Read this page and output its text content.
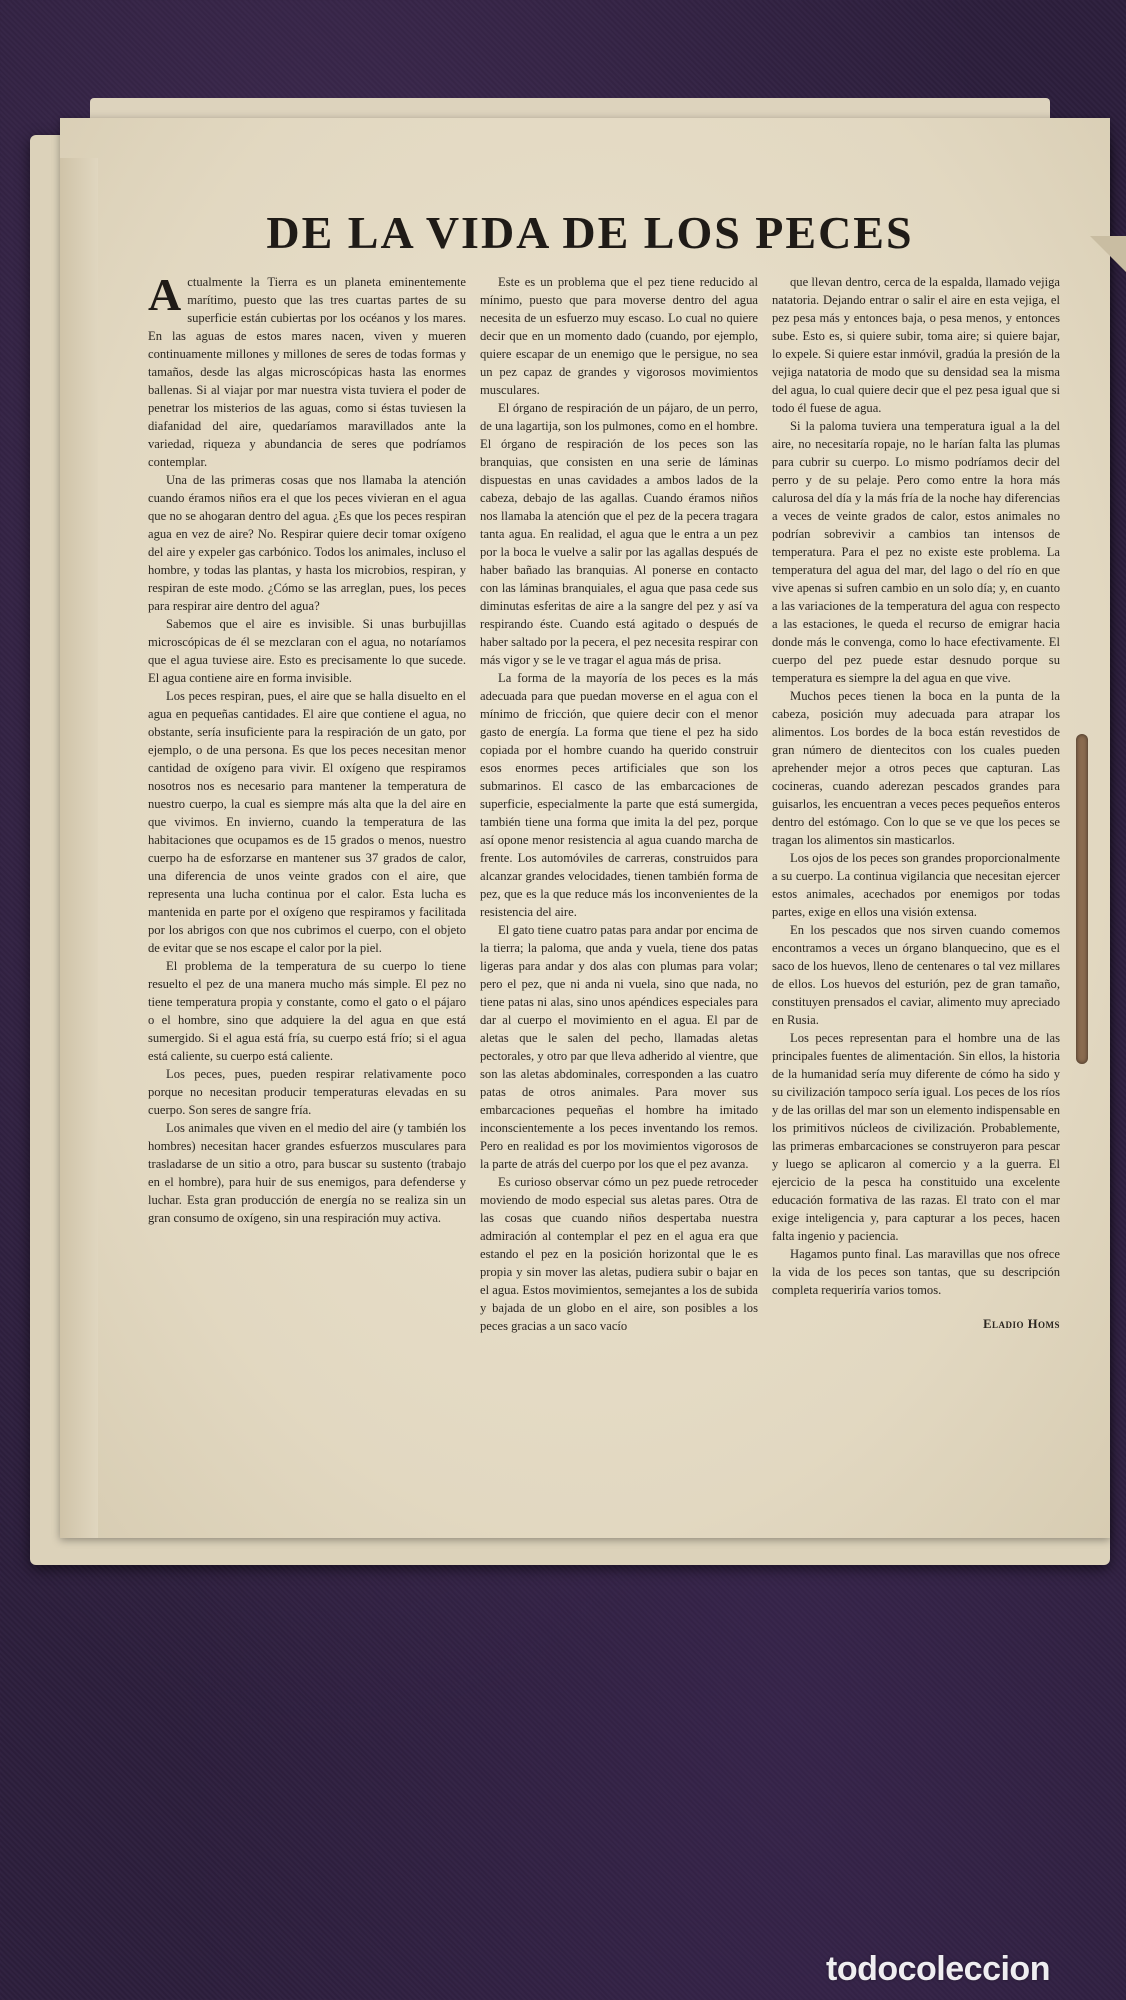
DE LA VIDA DE LOS PECES

Actualmente la Tierra es un planeta eminentemente marítimo, puesto que las tres cuartas partes de su superficie están cubiertas por los océanos y los mares. En las aguas de estos mares nacen, viven y mueren continuamente millones y millones de seres de todas formas y tamaños, desde las algas microscópicas hasta las enormes ballenas. Si al viajar por mar nuestra vista tuviera el poder de penetrar los misterios de las aguas, como si éstas tuviesen la diafanidad del aire, quedaríamos maravillados ante la variedad, riqueza y abundancia de seres que podríamos contemplar.

Una de las primeras cosas que nos llamaba la atención cuando éramos niños era el que los peces vivieran en el agua que no se ahogaran dentro del agua. ¿Es que los peces respiran agua en vez de aire? No. Respirar quiere decir tomar oxígeno del aire y expeler gas carbónico. Todos los animales, incluso el hombre, y todas las plantas, y hasta los microbios, respiran, y respiran de este modo. ¿Cómo se las arreglan, pues, los peces para respirar aire dentro del agua?

Sabemos que el aire es invisible. Si unas burbujillas microscópicas de él se mezclaran con el agua, no notaríamos que el agua tuviese aire. Esto es precisamente lo que sucede. El agua contiene aire en forma invisible.

Los peces respiran, pues, el aire que se halla disuelto en el agua en pequeñas cantidades. El aire que contiene el agua, no obstante, sería insuficiente para la respiración de un gato, por ejemplo, o de una persona. Es que los peces necesitan menor cantidad de oxígeno para vivir. El oxígeno que respiramos nosotros nos es necesario para mantener la temperatura de nuestro cuerpo, la cual es siempre más alta que la del aire en que vivimos. En invierno, cuando la temperatura de las habitaciones que ocupamos es de 15 grados o menos, nuestro cuerpo ha de esforzarse en mantener sus 37 grados de calor, una diferencia de unos veinte grados con el aire, que representa una lucha continua por el calor. Esta lucha es mantenida en parte por el oxígeno que respiramos y facilitada por los abrigos con que nos cubrimos el cuerpo, con el objeto de evitar que se nos escape el calor por la piel.

El problema de la temperatura de su cuerpo lo tiene resuelto el pez de una manera mucho más simple. El pez no tiene temperatura propia y constante, como el gato o el pájaro o el hombre, sino que adquiere la del agua en que está sumergido. Si el agua está fría, su cuerpo está frío; si el agua está caliente, su cuerpo está caliente.

Los peces, pues, pueden respirar relativamente poco porque no necesitan producir temperaturas elevadas en su cuerpo. Son seres de sangre fría.

Los animales que viven en el medio del aire (y también los hombres) necesitan hacer grandes esfuerzos musculares para trasladarse de un sitio a otro, para buscar su sustento (trabajo en el hombre), para huir de sus enemigos, para defenderse y luchar. Esta gran producción de energía no se realiza sin un gran consumo de oxígeno, sin una respiración muy activa.

Este es un problema que el pez tiene reducido al mínimo, puesto que para moverse dentro del agua necesita de un esfuerzo muy escaso. Lo cual no quiere decir que en un momento dado (cuando, por ejemplo, quiere escapar de un enemigo que le persigue, no sea un pez capaz de grandes y vigorosos movimientos musculares.

El órgano de respiración de un pájaro, de un perro, de una lagartija, son los pulmones, como en el hombre. El órgano de respiración de los peces son las branquias, que consisten en una serie de láminas dispuestas en unas cavidades a ambos lados de la cabeza, debajo de las agallas. Cuando éramos niños nos llamaba la atención que el pez de la pecera tragara tanta agua. En realidad, el agua que le entra a un pez por la boca le vuelve a salir por las agallas después de haber bañado las branquias. Al ponerse en contacto con las láminas branquiales, el agua que pasa cede sus diminutas esferitas de aire a la sangre del pez y así va respirando éste. Cuando está agitado o después de haber saltado por la pecera, el pez necesita respirar con más vigor y se le ve tragar el agua más de prisa.

La forma de la mayoría de los peces es la más adecuada para que puedan moverse en el agua con el mínimo de fricción, que quiere decir con el menor gasto de energía. La forma que tiene el pez ha sido copiada por el hombre cuando ha querido construir esos enormes peces artificiales que son los submarinos. El casco de las embarcaciones de superficie, especialmente la parte que está sumergida, también tiene una forma que imita la del pez, porque así opone menor resistencia al agua cuando marcha de frente. Los automóviles de carreras, construidos para alcanzar grandes velocidades, tienen también forma de pez, que es la que reduce más los inconvenientes de la resistencia del aire.

El gato tiene cuatro patas para andar por encima de la tierra; la paloma, que anda y vuela, tiene dos patas ligeras para andar y dos alas con plumas para volar; pero el pez, que ni anda ni vuela, sino que nada, no tiene patas ni alas, sino unos apéndices especiales para dar al cuerpo el movimiento en el agua. El par de aletas que le salen del pecho, llamadas aletas pectorales, y otro par que lleva adherido al vientre, que son las aletas abdominales, corresponden a las cuatro patas de otros animales. Para mover sus embarcaciones pequeñas el hombre ha imitado inconscientemente a los peces inventando los remos. Pero en realidad es por los movimientos vigorosos de la parte de atrás del cuerpo por los que el pez avanza.

Es curioso observar cómo un pez puede retroceder moviendo de modo especial sus aletas pares. Otra de las cosas que cuando niños despertaba nuestra admiración al contemplar el pez en el agua era que estando el pez en la posición horizontal que le es propia y sin mover las aletas, pudiera subir o bajar en el agua. Estos movimientos, semejantes a los de subida y bajada de un globo en el aire, son posibles a los peces gracias a un saco vacío

que llevan dentro, cerca de la espalda, llamado vejiga natatoria. Dejando entrar o salir el aire en esta vejiga, el pez pesa más y entonces baja, o pesa menos, y entonces sube. Esto es, si quiere subir, toma aire; si quiere bajar, lo expele. Si quiere estar inmóvil, gradúa la presión de la vejiga natatoria de modo que su densidad sea la misma del agua, lo cual quiere decir que el pez pesa igual que si todo él fuese de agua.

Si la paloma tuviera una temperatura igual a la del aire, no necesitaría ropaje, no le harían falta las plumas para cubrir su cuerpo. Lo mismo podríamos decir del perro y de su pelaje. Pero como entre la hora más calurosa del día y la más fría de la noche hay diferencias a veces de veinte grados de calor, estos animales no podrían sobrevivir a cambios tan intensos de temperatura. Para el pez no existe este problema. La temperatura del agua del mar, del lago o del río en que vive apenas si sufren cambio en un solo día; y, en cuanto a las variaciones de la temperatura del agua con respecto a las estaciones, le queda el recurso de emigrar hacia donde más le convenga, como lo hace efectivamente. El cuerpo del pez puede estar desnudo porque su temperatura es siempre la del agua en que vive.

Muchos peces tienen la boca en la punta de la cabeza, posición muy adecuada para atrapar los alimentos. Los bordes de la boca están revestidos de gran número de dientecitos con los cuales pueden aprehender mejor a otros peces que capturan. Las cocineras, cuando aderezan pescados grandes para guisarlos, les encuentran a veces peces pequeños enteros dentro del estómago. Con lo que se ve que los peces se tragan los alimentos sin masticarlos.

Los ojos de los peces son grandes proporcionalmente a su cuerpo. La continua vigilancia que necesitan ejercer estos animales, acechados por enemigos por todas partes, exige en ellos una visión extensa.

En los pescados que nos sirven cuando comemos encontramos a veces un órgano blanquecino, que es el saco de los huevos, lleno de centenares o tal vez millares de ellos. Los huevos del esturión, pez de gran tamaño, constituyen prensados el caviar, alimento muy apreciado en Rusia.

Los peces representan para el hombre una de las principales fuentes de alimentación. Sin ellos, la historia de la humanidad sería muy diferente de cómo ha sido y su civilización tampoco sería igual. Los peces de los ríos y de las orillas del mar son un elemento indispensable en los primitivos núcleos de civilización. Probablemente, las primeras embarcaciones se construyeron para pescar y luego se aplicaron al comercio y a la guerra. El ejercicio de la pesca ha constituido una excelente educación formativa de las razas. El trato con el mar exige inteligencia y, para capturar a los peces, hacen falta ingenio y paciencia.

Hagamos punto final. Las maravillas que nos ofrece la vida de los peces son tantas, que su descripción completa requeriría varios tomos.

Eladio Homs
todocoleccion
